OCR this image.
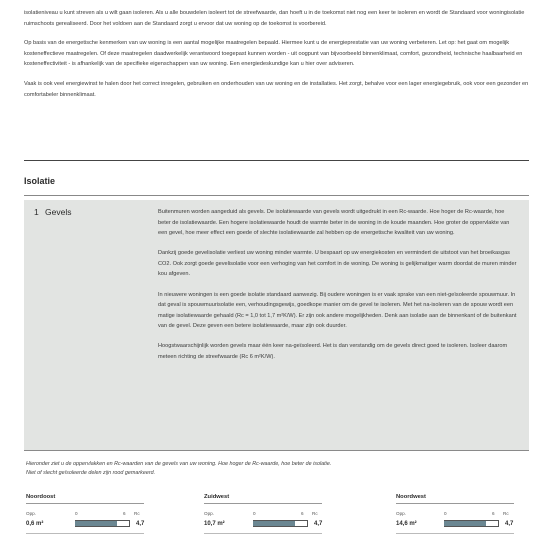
isolatieniveau u kunt streven als u wilt gaan isoleren. Als u alle bouwdelen isoleert tot de streefwaarde, dan hoeft u in de toekomst niet nog een keer te isoleren en wordt de Standaard voor woningisolatie ruimschoots gerealiseerd. Door het voldoen aan de Standaard zorgt u ervoor dat uw woning op de toekomst is voorbereid.

Op basis van de energetische kenmerken van uw woning is een aantal mogelijke maatregelen bepaald. Hiermee kunt u de energieprestatie van uw woning verbeteren. Let op: het gaat om mogelijk kosteneffectieve maatregelen. Of deze maatregelen daadwerkelijk verantwoord toegepast kunnen worden - uit oogpunt van bijvoorbeeld binnenklimaat, comfort, gezondheid, technische haalbaarheid en kosteneffectiviteit - is afhankelijk van de specifieke eigenschappen van uw woning. Een energiedeskundige kan u hier over adviseren.

Vaak is ook veel energiewinst te halen door het correct inregelen, gebruiken en onderhouden van uw woning en de installaties. Het zorgt, behalve voor een lager energiegebruik, ook voor een gezonder en comfortabeler binnenklimaat.

Isolatie
1 Gevels	Buitenmuren worden aangeduid als gevels. De isolatiewaarde van gevels wordt uitgedrukt in een Rc-waarde. Hoe hoger de Rc-waarde, hoe beter de isolatiewaarde. Een hogere isolatiewaarde houdt de warmte beter in de woning in de koude maanden. Hoe groter de oppervlakte van een gevel, hoe meer effect een goede of slechte isolatiewaarde zal hebben op de energetische kwaliteit van uw woning.

Dankzij goede gevelisolatie verliest uw woning minder warmte. U bespaart op uw energiekosten en vermindert de uitstoot van het broeikasgas CO2. Ook zorgt goede gevelisolatie voor een verhoging van het comfort in de woning. De woning is gelijkmatiger warm doordat de muren minder kou afgeven.

In nieuwere woningen is een goede isolatie standaard aanwezig. Bij oudere woningen is er vaak sprake van een niet-geïsoleerde spouwmuur. In dat geval is spouwmuurisolatie een, verhoudingsgewijs, goedkope manier om de gevel te isoleren. Met het na-isoleren van de spouw wordt een matige isolatiewaarde gehaald (Rc = 1,0 tot 1,7 m²K/W). Er zijn ook andere mogelijkheden. Denk aan isolatie aan de binnenkant of de buitenkant van de gevel. Deze geven een betere isolatiewaarde, maar zijn ook duurder.

Hoogstwaarschijnlijk worden gevels maar één keer na-geïsoleerd. Het is dan verstandig om de gevels direct goed te isoleren. Isoleer daarom meteen richting de streefwaarde (Rc 6 m²K/W).

Hieronder ziet u de oppervlakken en Rc-waarden van de gevels van uw woning. Hoe hoger de Rc-waarde, hoe beter de isolatie.

Niet of slecht geïsoleerde delen zijn rood gemarkeerd.

Noordoost
Opp.	0	6 Rc
0,6 m²	4,7
Zuidwest
Opp.	0	6 Rc
10,7 m²	4,7
Noordwest
Opp.	0	6 Rc
14,6 m²	4,7
